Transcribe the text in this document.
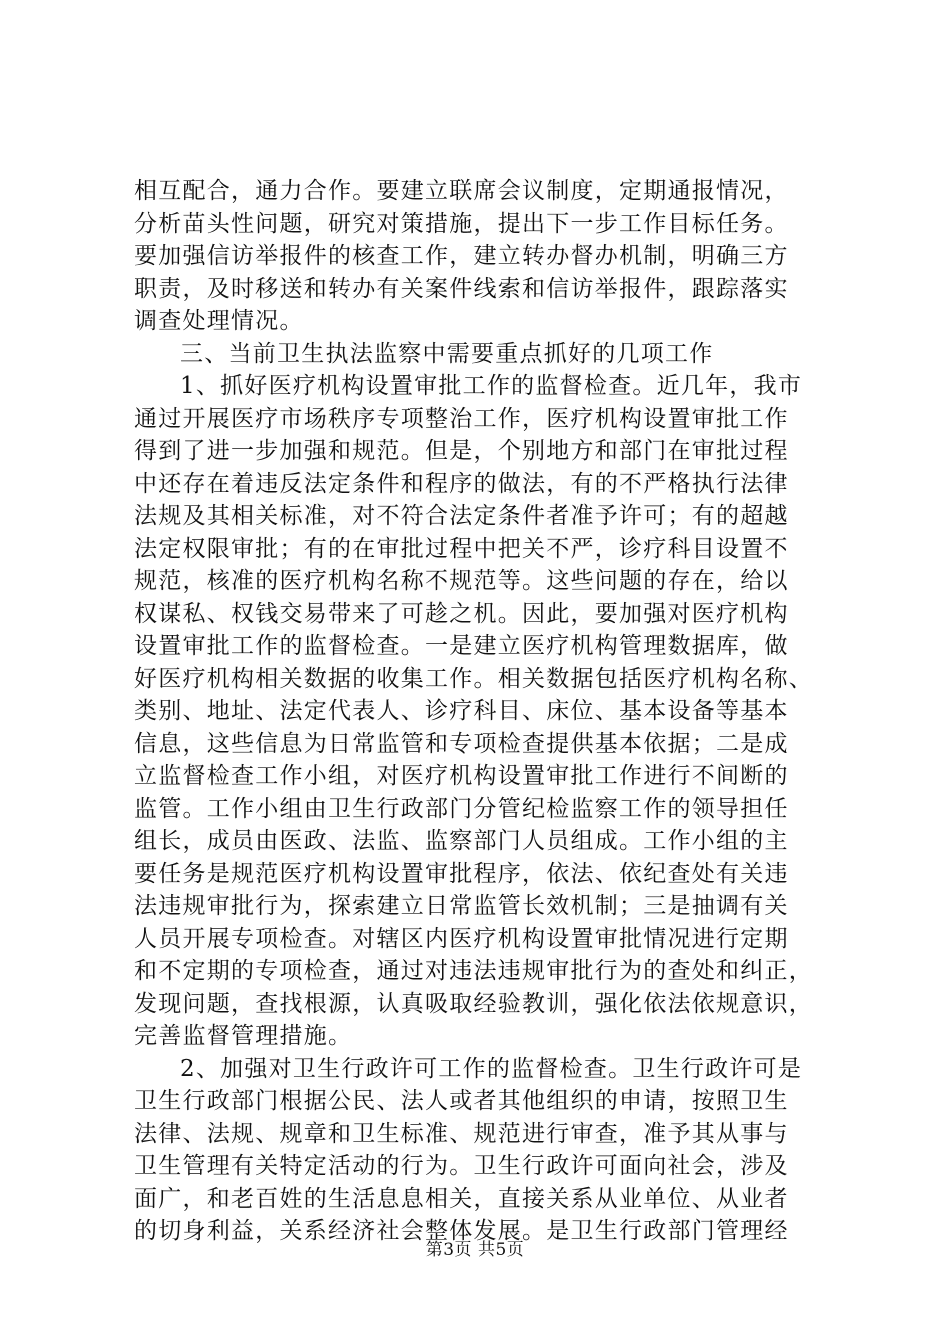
相互配合，通力合作。要建立联席会议制度，定期通报情况，
分析苗头性问题，研究对策措施，提出下一步工作目标任务。
要加强信访举报件的核查工作，建立转办督办机制，明确三方
职责，及时移送和转办有关案件线索和信访举报件，跟踪落实
调查处理情况。
三、当前卫生执法监察中需要重点抓好的几项工作
1、抓好医疗机构设置审批工作的监督检查。近几年，我市
通过开展医疗市场秩序专项整治工作，医疗机构设置审批工作
得到了进一步加强和规范。但是，个别地方和部门在审批过程
中还存在着违反法定条件和程序的做法，有的不严格执行法律
法规及其相关标准，对不符合法定条件者准予许可；有的超越
法定权限审批；有的在审批过程中把关不严，诊疗科目设置不
规范，核准的医疗机构名称不规范等。这些问题的存在，给以
权谋私、权钱交易带来了可趁之机。因此，要加强对医疗机构
设置审批工作的监督检查。一是建立医疗机构管理数据库，做
好医疗机构相关数据的收集工作。相关数据包括医疗机构名称、
类别、地址、法定代表人、诊疗科目、床位、基本设备等基本
信息，这些信息为日常监管和专项检查提供基本依据；二是成
立监督检查工作小组，对医疗机构设置审批工作进行不间断的
监管。工作小组由卫生行政部门分管纪检监察工作的领导担任
组长，成员由医政、法监、监察部门人员组成。工作小组的主
要任务是规范医疗机构设置审批程序，依法、依纪查处有关违
法违规审批行为，探索建立日常监管长效机制；三是抽调有关
人员开展专项检查。对辖区内医疗机构设置审批情况进行定期
和不定期的专项检查，通过对违法违规审批行为的查处和纠正，
发现问题，查找根源，认真吸取经验教训，强化依法依规意识，
完善监督管理措施。
2、加强对卫生行政许可工作的监督检查。卫生行政许可是
卫生行政部门根据公民、法人或者其他组织的申请，按照卫生
法律、法规、规章和卫生标准、规范进行审查，准予其从事与
卫生管理有关特定活动的行为。卫生行政许可面向社会，涉及
面广，和老百姓的生活息息相关，直接关系从业单位、从业者
的切身利益，关系经济社会整体发展。是卫生行政部门管理经
第3页 共5页
